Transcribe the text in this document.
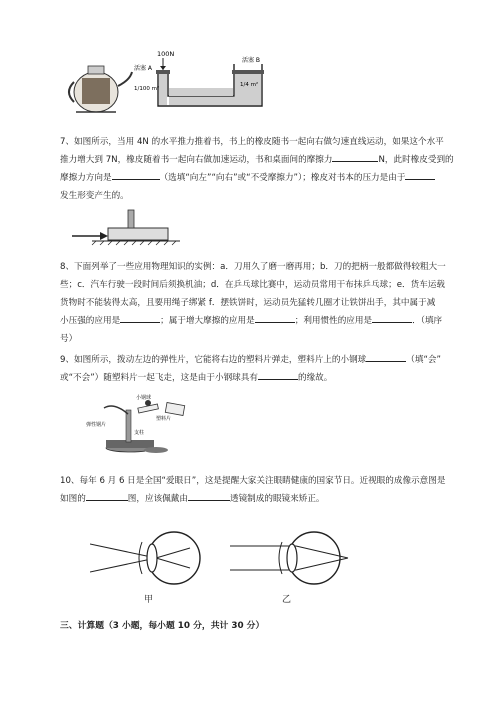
100N
活塞 A
1/100 m²
活塞 B
1/4 m²

7、如图所示，当用 4N 的水平推力推着书，书上的橡皮随书一起向右做匀速直线运动，如果这个水平

推力增大到 7N，橡皮随着书一起向右做加速运动，书和桌面间的摩擦力	N，此时橡皮受到的

摩擦力方向是	（选填“向左”“向右”或“不受摩擦力”）；橡皮对书本的压力是由于

发生形变产生的。

8、下面列举了一些应用物理知识的实例：a．刀用久了磨一磨再用；b．刀的把柄一般都做得较粗大一

些；c．汽车行驶一段时间后须换机油；d．在乒乓球比赛中，运动员常用干布抹乒乓球；e．货车运载

货物时不能装得太高，且要用绳子绑紧 f．摆铁饼时，运动员先猛转几圈才让铁饼出手，其中属于减

小压强的应用是	；属于增大摩擦的应用是	；利用惯性的应用是	．（填序

号）

9、如图所示，拨动左边的弹性片，它能将右边的塑料片弹走，塑料片上的小钢球	（填“会”

或“不会”）随塑料片一起飞走，这是由于小钢球具有	的缘故。

小钢球
塑料片
弹性钢片
支柱

10、每年 6 月 6 日是全国“爱眼日”，这是提醒大家关注眼睛健康的国家节日。近视眼的成像示意图是

如图的	图，应该佩戴由	透镜制成的眼镜来矫正。

甲	乙
三、计算题（3 小题，每小题 10 分，共计 30 分）
